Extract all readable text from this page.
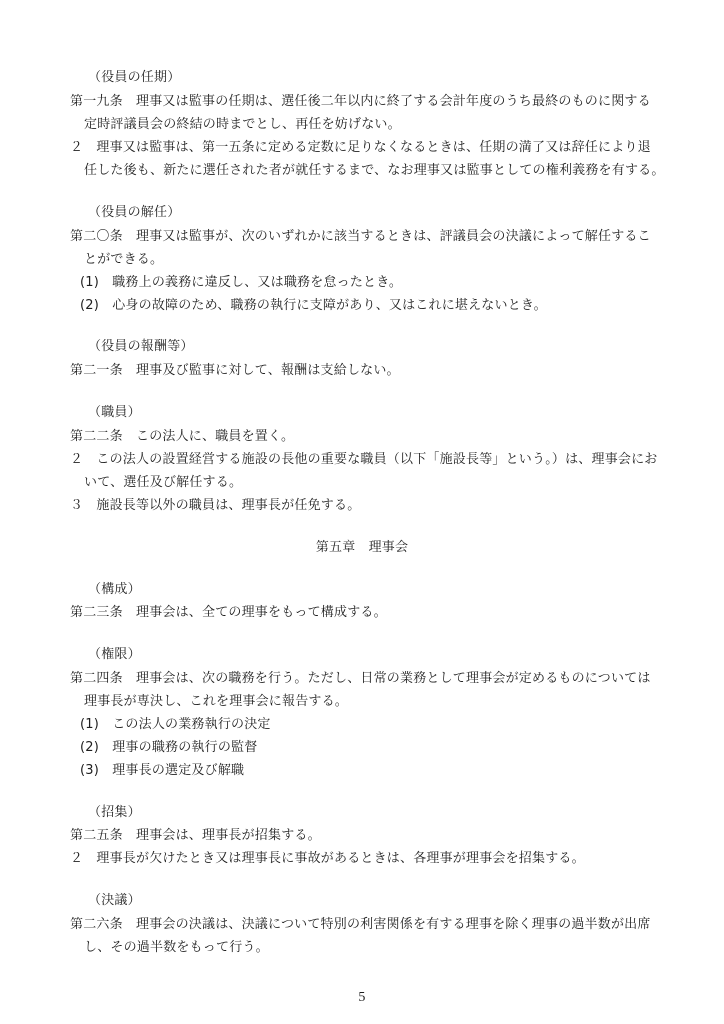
（役員の任期）
第一九条　理事又は監事の任期は、選任後二年以内に終了する会計年度のうち最終のものに関する
定時評議員会の終結の時までとし、再任を妨げない。
２　理事又は監事は、第一五条に定める定数に足りなくなるときは、任期の満了又は辞任により退
任した後も、新たに選任された者が就任するまで、なお理事又は監事としての権利義務を有する。
（役員の解任）
第二〇条　理事又は監事が、次のいずれかに該当するときは、評議員会の決議によって解任するこ
とができる。
(1)　職務上の義務に違反し、又は職務を怠ったとき。
(2)　心身の故障のため、職務の執行に支障があり、又はこれに堪えないとき。
（役員の報酬等）
第二一条　理事及び監事に対して、報酬は支給しない。
（職員）
第二二条　この法人に、職員を置く。
２　この法人の設置経営する施設の長他の重要な職員（以下「施設長等」という。）は、理事会にお
いて、選任及び解任する。
３　施設長等以外の職員は、理事長が任免する。
第五章　理事会
（構成）
第二三条　理事会は、全ての理事をもって構成する。
（権限）
第二四条　理事会は、次の職務を行う。ただし、日常の業務として理事会が定めるものについては
理事長が専決し、これを理事会に報告する。
(1)　この法人の業務執行の決定
(2)　理事の職務の執行の監督
(3)　理事長の選定及び解職
（招集）
第二五条　理事会は、理事長が招集する。
２　理事長が欠けたとき又は理事長に事故があるときは、各理事が理事会を招集する。
（決議）
第二六条　理事会の決議は、決議について特別の利害関係を有する理事を除く理事の過半数が出席
し、その過半数をもって行う。
5
